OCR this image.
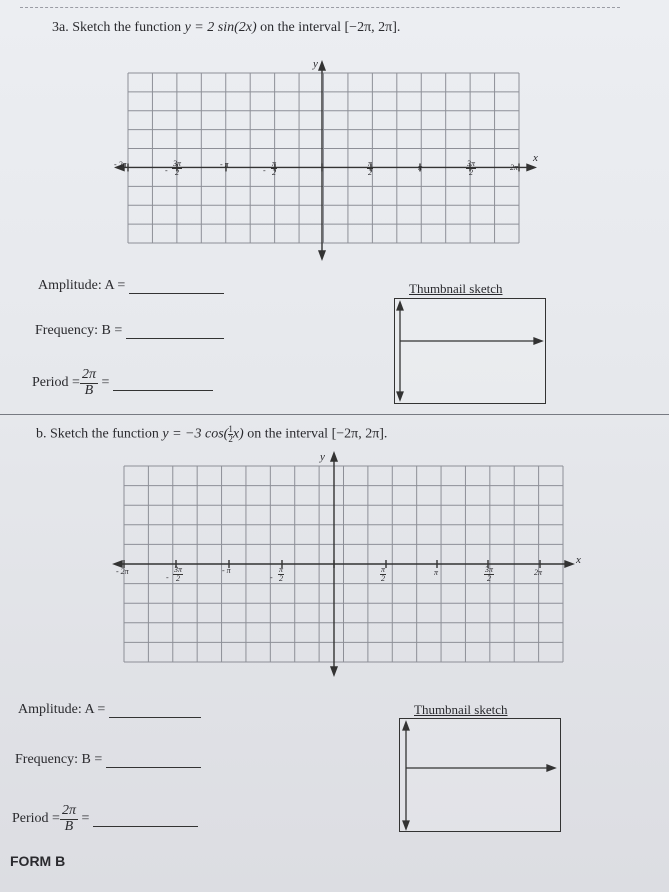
3a. Sketch the function y = 2 sin(2x) on the interval [−2π, 2π].
y
x
- 2π
- $\frac{3\pi}{2}$	- π
- $\frac{\pi}{2}$	$\frac{\pi}{2}$	π	$\frac{3\pi}{2}$	2π
Amplitude: A =
Frequency: B =
Period = $\frac{2\pi}{B}$ =
Thumbnail sketch
b. Sketch the function y = −3 $\cos( \frac{1}{2} x)$ on the interval [−2π, 2π].
y
x
- 2π
- $\frac{3\pi}{2}$	- π
- $\frac{\pi}{2}$	$\frac{\pi}{2}$	π	$\frac{3\pi}{2}$	2π
Amplitude: A =
Frequency: B =
Period = $\frac{2\pi}{B}$ =
Thumbnail sketch
FORM B
